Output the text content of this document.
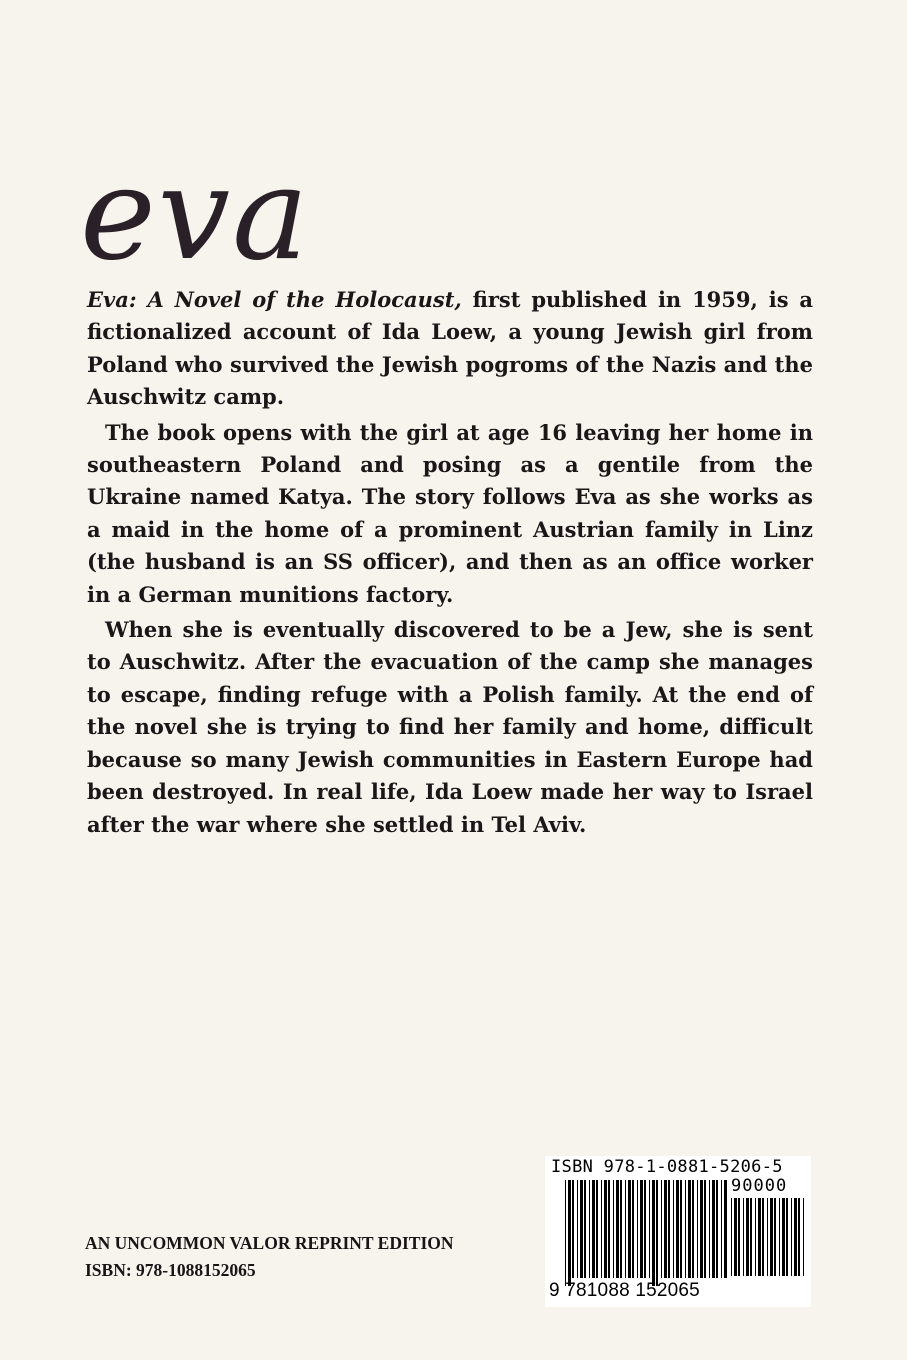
eva

Eva: A Novel of the Holocaust, first published in 1959, is a fictionalized account of Ida Loew, a young Jewish girl from Poland who survived the Jewish pogroms of the Nazis and the Auschwitz camp.

The book opens with the girl at age 16 leaving her home in southeastern Poland and posing as a gentile from the Ukraine named Katya. The story follows Eva as she works as a maid in the home of a prominent Austrian family in Linz (the husband is an SS officer), and then as an office worker in a German munitions factory.

When she is eventually discovered to be a Jew, she is sent to Auschwitz. After the evacuation of the camp she manages to escape, finding refuge with a Polish family. At the end of the novel she is trying to find her family and home, difficult because so many Jewish communities in Eastern Europe had been destroyed. In real life, Ida Loew made her way to Israel after the war where she settled in Tel Aviv.

AN UNCOMMON VALOR REPRINT EDITION
ISBN: 978-1088152065
ISBN 978-1-0881-5206-5
90000
9 781088 152065
